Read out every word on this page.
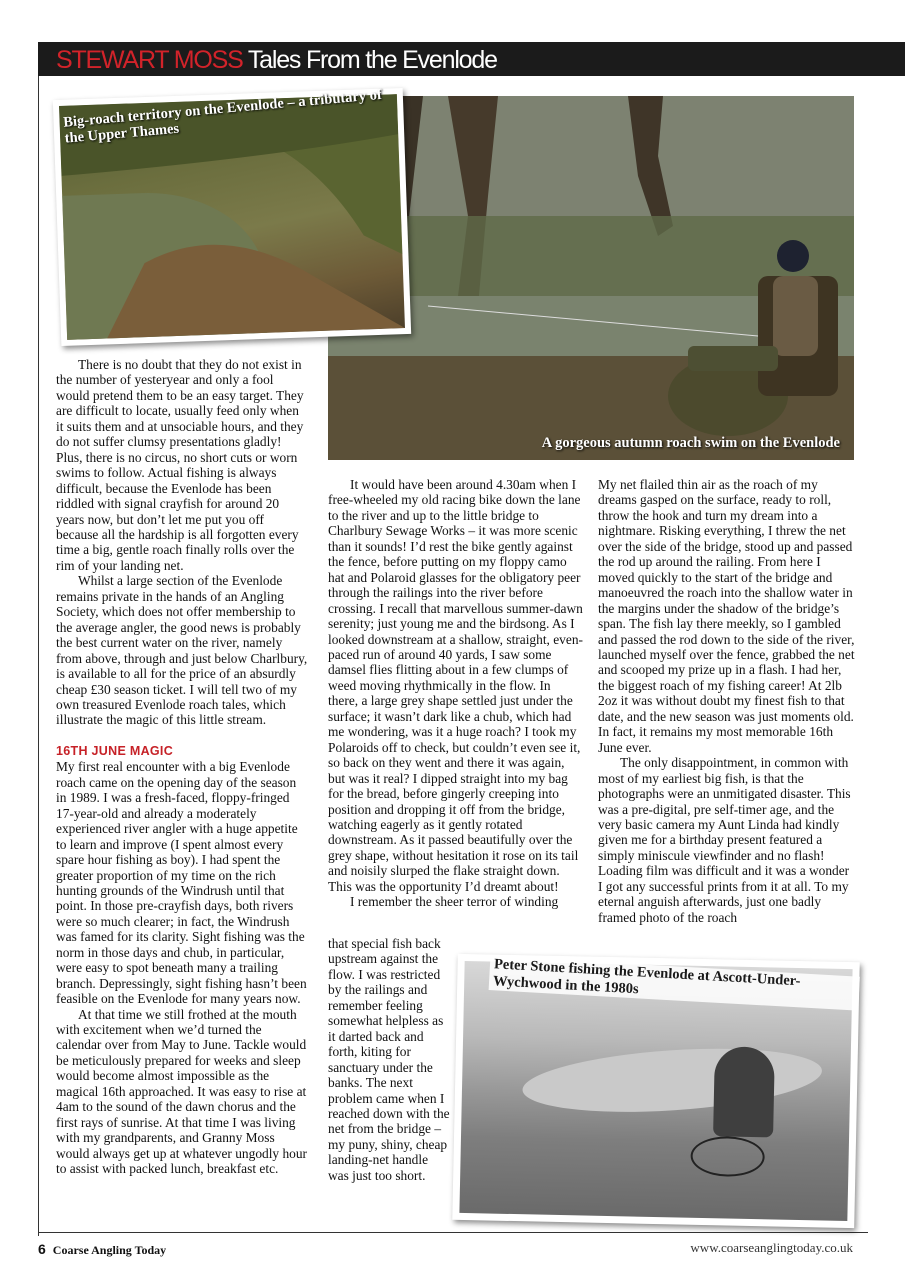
STEWART MOSS Tales From the Evenlode
A gorgeous autumn roach swim on the Evenlode
Big-roach territory on the Evenlode – a tributary of the Upper Thames
Peter Stone fishing the Evenlode at Ascott-Under-Wychwood in the 1980s

There is no doubt that they do not exist in the number of yesteryear and only a fool would pretend them to be an easy target. They are difficult to locate, usually feed only when it suits them and at unsociable hours, and they do not suffer clumsy presentations gladly! Plus, there is no circus, no short cuts or worn swims to follow. Actual fishing is always difficult, because the Evenlode has been riddled with signal crayfish for around 20 years now, but don’t let me put you off because all the hardship is all forgotten every time a big, gentle roach finally rolls over the rim of your landing net.

Whilst a large section of the Evenlode remains private in the hands of an Angling Society, which does not offer membership to the average angler, the good news is probably the best current water on the river, namely from above, through and just below Charlbury, is available to all for the price of an absurdly cheap £30 season ticket. I will tell two of my own treasured Evenlode roach tales, which illustrate the magic of this little stream.

16TH JUNE MAGIC

My first real encounter with a big Evenlode roach came on the opening day of the season in 1989. I was a fresh-faced, floppy-fringed 17-year-old and already a moderately experienced river angler with a huge appetite to learn and improve (I spent almost every spare hour fishing as boy). I had spent the greater proportion of my time on the rich hunting grounds of the Windrush until that point. In those pre-crayfish days, both rivers were so much clearer; in fact, the Windrush was famed for its clarity. Sight fishing was the norm in those days and chub, in particular, were easy to spot beneath many a trailing branch. Depressingly, sight fishing hasn’t been feasible on the Evenlode for many years now.

At that time we still frothed at the mouth with excitement when we’d turned the calendar over from May to June. Tackle would be meticulously prepared for weeks and sleep would become almost impossible as the magical 16th approached. It was easy to rise at 4am to the sound of the dawn chorus and the first rays of sunrise. At that time I was living with my grandparents, and Granny Moss would always get up at whatever ungodly hour to assist with packed lunch, breakfast etc.

It would have been around 4.30am when I free-wheeled my old racing bike down the lane to the river and up to the little bridge to Charlbury Sewage Works – it was more scenic than it sounds! I’d rest the bike gently against the fence, before putting on my floppy camo hat and Polaroid glasses for the obligatory peer through the railings into the river before crossing. I recall that marvellous summer-dawn serenity; just young me and the birdsong. As I looked downstream at a shallow, straight, even-paced run of around 40 yards, I saw some damsel flies flitting about in a few clumps of weed moving rhythmically in the flow. In there, a large grey shape settled just under the surface; it wasn’t dark like a chub, which had me wondering, was it a huge roach? I took my Polaroids off to check, but couldn’t even see it, so back on they went and there it was again, but was it real? I dipped straight into my bag for the bread, before gingerly creeping into position and dropping it off from the bridge, watching eagerly as it gently rotated downstream. As it passed beautifully over the grey shape, without hesitation it rose on its tail and noisily slurped the flake straight down. This was the opportunity I’d dreamt about!

I remember the sheer terror of winding

that special fish back upstream against the flow. I was restricted by the railings and remember feeling somewhat helpless as it darted back and forth, kiting for sanctuary under the banks. The next problem came when I reached down with the net from the bridge – my puny, shiny, cheap landing-net handle was just too short.

My net flailed thin air as the roach of my dreams gasped on the surface, ready to roll, throw the hook and turn my dream into a nightmare. Risking everything, I threw the net over the side of the bridge, stood up and passed the rod up around the railing. From here I moved quickly to the start of the bridge and manoeuvred the roach into the shallow water in the margins under the shadow of the bridge’s span. The fish lay there meekly, so I gambled and passed the rod down to the side of the river, launched myself over the fence, grabbed the net and scooped my prize up in a flash. I had her, the biggest roach of my fishing career! At 2lb 2oz it was without doubt my finest fish to that date, and the new season was just moments old. In fact, it remains my most memorable 16th June ever.

The only disappointment, in common with most of my earliest big fish, is that the photographs were an unmitigated disaster. This was a pre-digital, pre self-timer age, and the very basic camera my Aunt Linda had kindly given me for a birthday present featured a simply miniscule viewfinder and no flash! Loading film was difficult and it was a wonder I got any successful prints from it at all. To my eternal anguish afterwards, just one badly framed photo of the roach

6 Coarse Angling Today	www.coarseanglingtoday.co.uk
